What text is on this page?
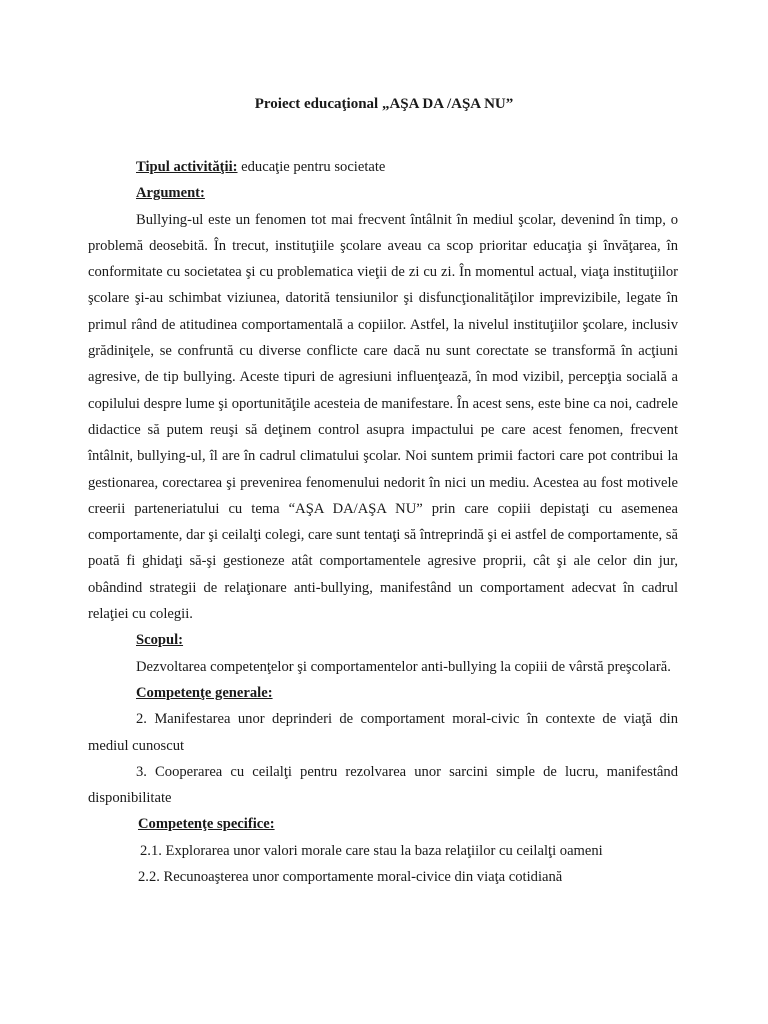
Proiect educaţional „AŞA DA /AŞA NU”

Tipul activităţii: educaţie pentru societate

Argument:

Bullying-ul este un fenomen tot mai frecvent întâlnit în mediul şcolar, devenind în timp, o problemă deosebită. În trecut, instituţiile şcolare aveau ca scop prioritar educaţia şi învăţarea, în conformitate cu societatea şi cu problematica vieţii de zi cu zi. În momentul actual, viaţa instituţiilor şcolare şi-au schimbat viziunea, datorită tensiunilor şi disfuncţionalităţilor imprevizibile, legate în primul rând de atitudinea comportamentală a copiilor. Astfel, la nivelul instituţiilor şcolare, inclusiv grădiniţele, se confruntă cu diverse conflicte care dacă nu sunt corectate se transformă în acţiuni agresive, de tip bullying. Aceste tipuri de agresiuni influenţează, în mod vizibil, percepţia socială a copilului despre lume şi oportunităţile acesteia de manifestare. În acest sens, este bine ca noi, cadrele didactice să putem reuşi să deţinem control asupra impactului pe care acest fenomen, frecvent întâlnit, bullying-ul, îl are în cadrul climatului şcolar. Noi suntem primii factori care pot contribui la gestionarea, corectarea şi prevenirea fenomenului nedorit în nici un mediu. Acestea au fost motivele creerii parteneriatului cu tema “AŞA DA/AŞA NU” prin care copiii depistaţi cu asemenea comportamente, dar şi ceilalţi colegi, care sunt tentaţi să întreprindă şi ei astfel de comportamente, să poată fi ghidaţi să-şi gestioneze atât comportamentele agresive proprii, cât şi ale celor din jur, obândind strategii de relaţionare anti-bullying, manifestând un comportament adecvat în cadrul relaţiei cu colegii.

Scopul:

Dezvoltarea competenţelor şi comportamentelor anti-bullying la copiii de vârstă preşcolară.

Competenţe generale:

2. Manifestarea unor deprinderi de comportament moral-civic în contexte de viaţă din mediul cunoscut

3. Cooperarea cu ceilalţi pentru rezolvarea unor sarcini simple de lucru, manifestând disponibilitate

Competenţe specifice:

2.1. Explorarea unor valori morale care stau la baza relaţiilor cu ceilalţi oameni

2.2. Recunoaşterea unor comportamente moral-civice din viaţa cotidiană
